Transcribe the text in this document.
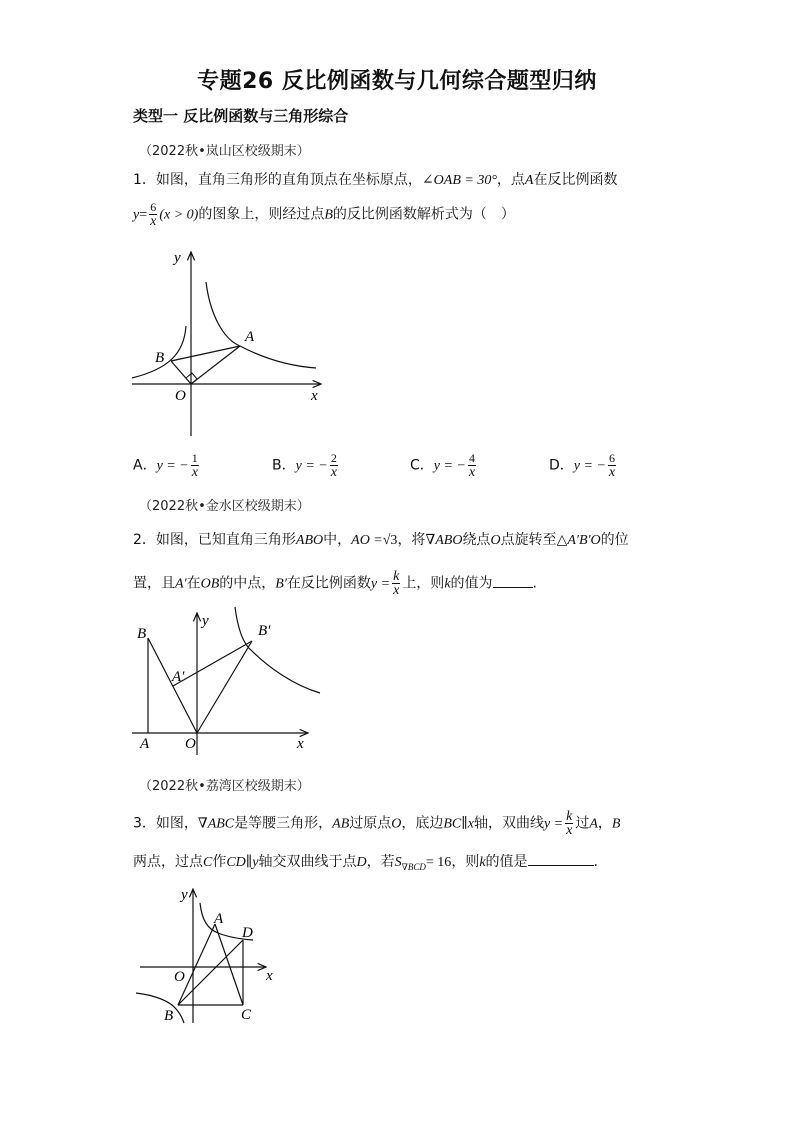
专题26 反比例函数与几何综合题型归纳
类型一 反比例函数与三角形综合
（2022秋•岚山区校级期末）
1．如图，直角三角形的直角顶点在坐标原点，∠OAB = 30°，点A在反比例函数
$y= \frac{6}{x} (x > 0)$的图象上，则经过点B的反比例函数解析式为（　）
y
x
O
A
B
A．y = − $\frac{1}{x}$	B．y = − $\frac{2}{x}$	C．y = − $\frac{4}{x}$	D．y = − $\frac{6}{x}$
（2022秋•金水区校级期末）
2．如图，已知直角三角形ABO中，AO =√3，将∇ABO绕点O点旋转至△A′B′O的位
置，且A′在OB的中点，B′在反比例函数$y = \frac{k}{x}$ 上，则k的值为	.
y
x
O
A
B
A′
B′
（2022秋•荔湾区校级期末）
3．如图，∇ABC是等腰三角形，AB过原点O，底边BC∥x轴，双曲线$y = \frac{k}{x}$ 过A，B
两点，过点C作CD∥y轴交双曲线于点D，若$S_{\nabla BCD}= 16$，则k的值是	.
y
x
O
A
B	C
D
